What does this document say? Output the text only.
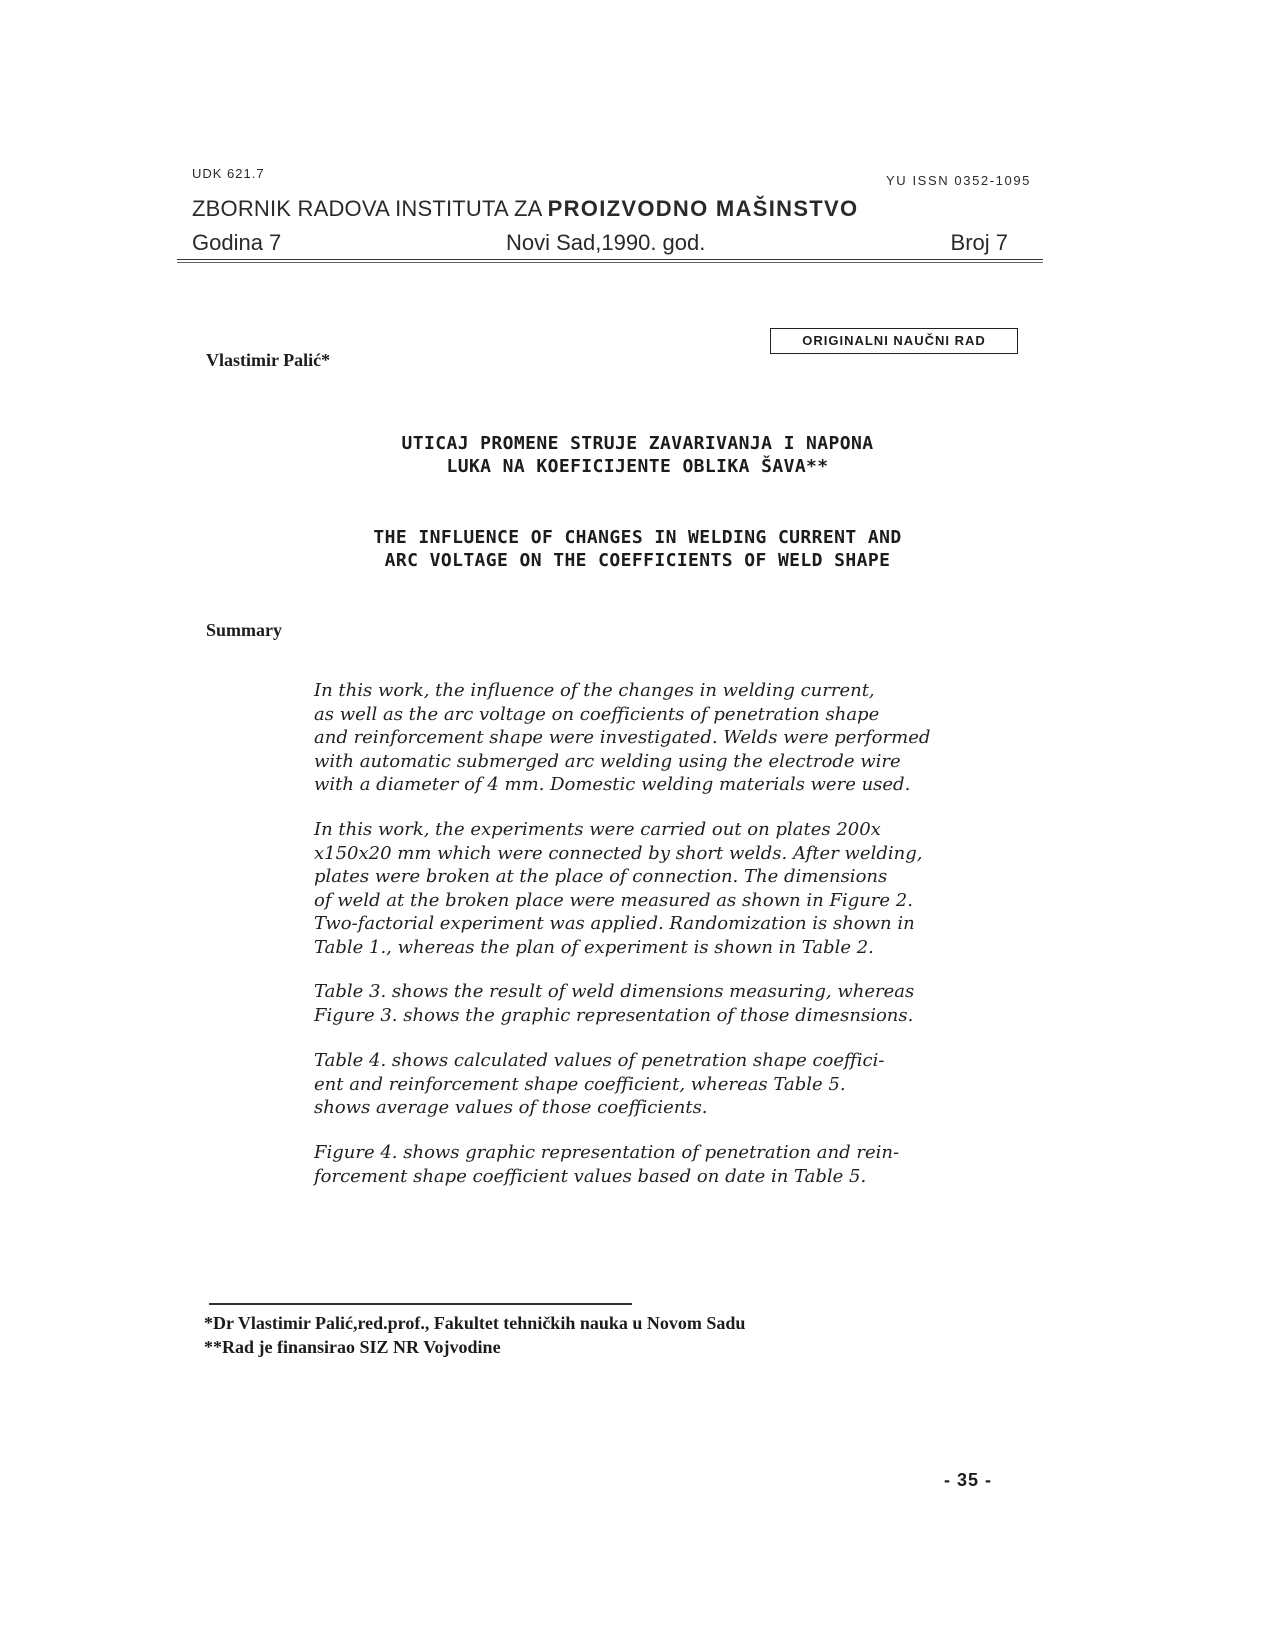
UDK 621.7	YU ISSN 0352-1095
ZBORNIK RADOVA INSTITUTA ZA PROIZVODNO MAŠINSTVO
Godina 7	Novi Sad,1990. god.	Broj 7
Vlastimir Palić*
ORIGINALNI NAUČNI RAD
UTICAJ PROMENE STRUJE ZAVARIVANJA I NAPONA
LUKA NA KOEFICIJENTE OBLIKA ŠAVA**
THE INFLUENCE OF CHANGES IN WELDING CURRENT AND
ARC VOLTAGE ON THE COEFFICIENTS OF WELD SHAPE
Summary
In this work, the influence of the changes in welding current,
as well as the arc voltage on coefficients of penetration shape
and reinforcement shape were investigated. Welds were performed
with automatic submerged arc welding using the electrode wire
with a diameter of 4 mm. Domestic welding materials were used.
In this work, the experiments were carried out on plates 200x
x150x20 mm which were connected by short welds. After welding,
plates were broken at the place of connection. The dimensions
of weld at the broken place were measured as shown in Figure 2.
Two-factorial experiment was applied. Randomization is shown in
Table 1., whereas the plan of experiment is shown in Table 2.
Table 3. shows the result of weld dimensions measuring, whereas
Figure 3. shows the graphic representation of those dimesnsions.
Table 4. shows calculated values of penetration shape coeffici-
ent and reinforcement shape coefficient, whereas Table 5.
shows average values of those coefficients.
Figure 4. shows graphic representation of penetration and rein-
forcement shape coefficient values based on date in Table 5.
*Dr Vlastimir Palić,red.prof., Fakultet tehničkih nauka u Novom Sadu
**Rad je finansirao SIZ NR Vojvodine
- 35 -
